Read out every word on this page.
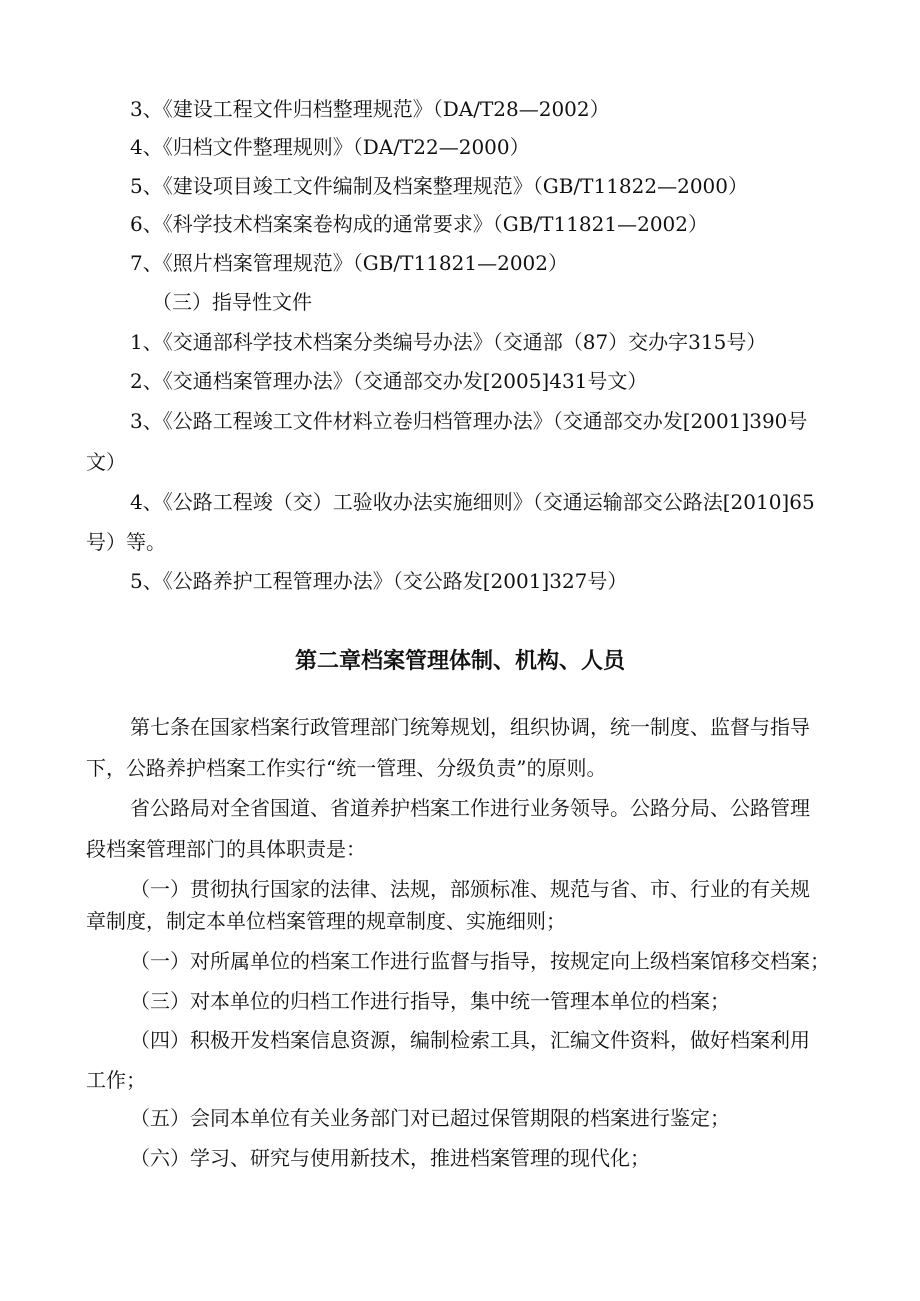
3、《建设工程文件归档整理规范》（DA/T28—2002）

4、《归档文件整理规则》（DA/T22—2000）

5、《建设项目竣工文件编制及档案整理规范》（GB/T11822—2000）

6、《科学技术档案案卷构成的通常要求》（GB/T11821—2002）

7、《照片档案管理规范》（GB/T11821—2002）

（三）指导性文件

1、《交通部科学技术档案分类编号办法》（交通部（87）交办字315号）

2、《交通档案管理办法》（交通部交办发[2005]431号文）

3、《公路工程竣工文件材料立卷归档管理办法》（交通部交办发[2001]390号

文）

4、《公路工程竣（交）工验收办法实施细则》（交通运输部交公路法[2010]65

号）等。

5、《公路养护工程管理办法》（交公路发[2001]327号）

第二章档案管理体制、机构、人员

第七条在国家档案行政管理部门统筹规划，组织协调，统一制度、监督与指导

下，公路养护档案工作实行“统一管理、分级负责”的原则。

省公路局对全省国道、省道养护档案工作进行业务领导。公路分局、公路管理

段档案管理部门的具体职责是：

（一）贯彻执行国家的法律、法规，部颁标准、规范与省、市、行业的有关规

章制度，制定本单位档案管理的规章制度、实施细则；

（一）对所属单位的档案工作进行监督与指导，按规定向上级档案馆移交档案；

（三）对本单位的归档工作进行指导，集中统一管理本单位的档案；

（四）积极开发档案信息资源，编制检索工具，汇编文件资料，做好档案利用

工作；

（五）会同本单位有关业务部门对已超过保管期限的档案进行鉴定；

（六）学习、研究与使用新技术，推进档案管理的现代化；
